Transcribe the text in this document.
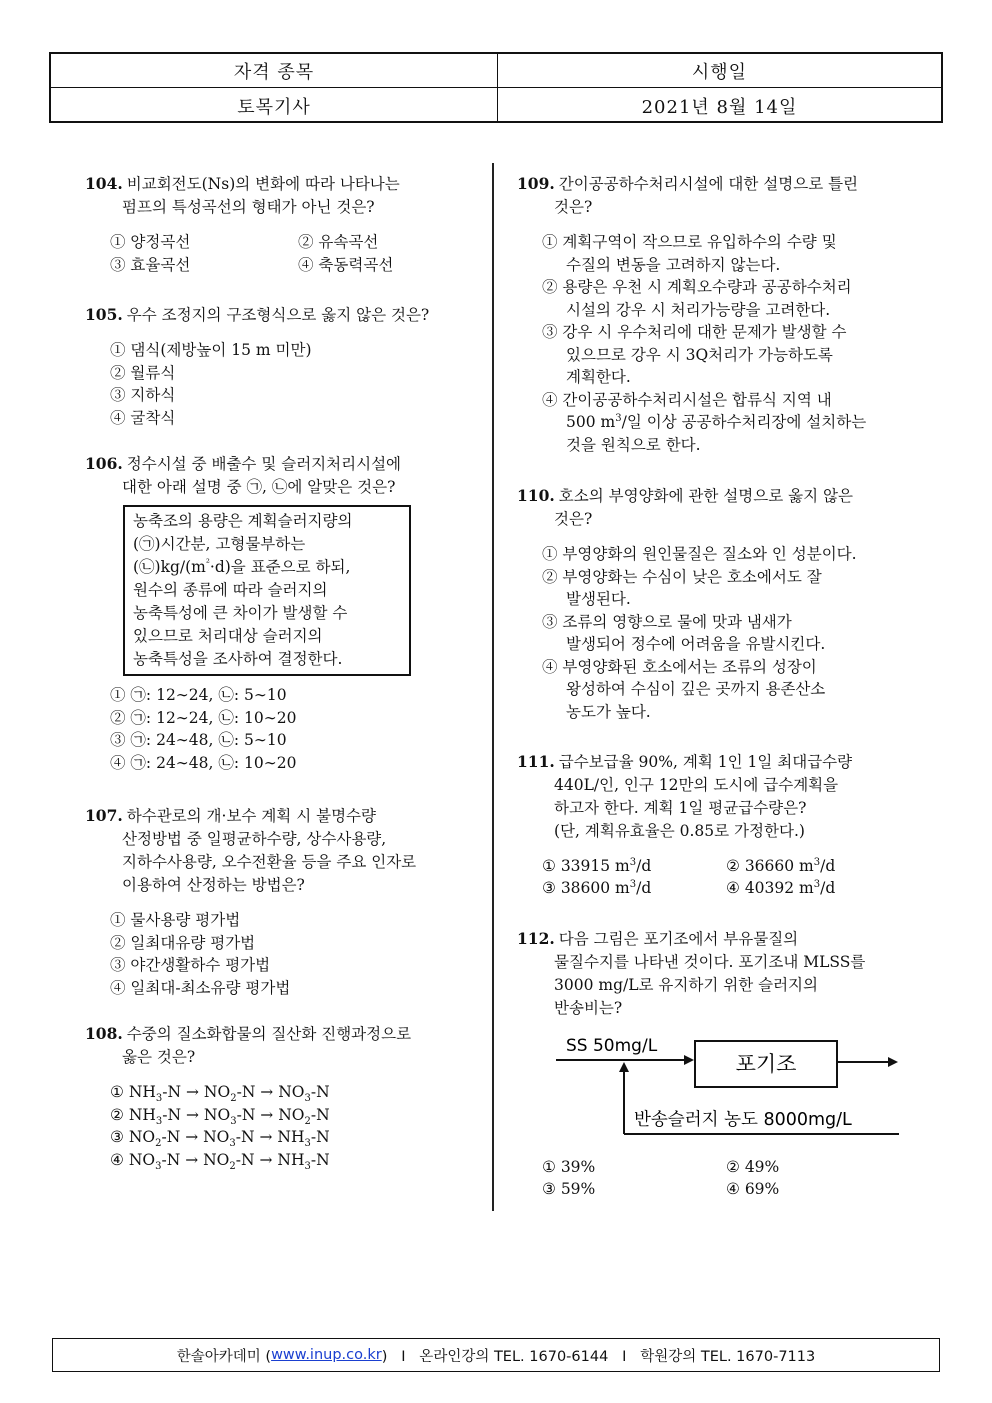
자격 종목	시행일
토목기사	2021년 8월 14일
104. 비교회전도(Ns)의 변화에 따라 나타나는
펌프의 특성곡선의 형태가 아닌 것은?
① 양정곡선	② 유속곡선
③ 효율곡선	④ 축동력곡선
105. 우수 조정지의 구조형식으로 옳지 않은 것은?
① 댐식(제방높이 15 m 미만)
② 월류식
③ 지하식
④ 굴착식
106. 정수시설 중 배출수 및 슬러지처리시설에
대한 아래 설명 중 ㉠, ㉡에 알맞은 것은?
농축조의 용량은 계획슬러지량의
(㉠)시간분, 고형물부하는
$(㉡)kg/(m^{^2}\cdot d)$을 표준으로 하되,
원수의 종류에 따라 슬러지의
농축특성에 큰 차이가 발생할 수
있으므로 처리대상 슬러지의
농축특성을 조사하여 결정한다.
① ㉠: 12∼24, ㉡: 5∼10
② ㉠: 12∼24, ㉡: 10∼20
③ ㉠: 24∼48, ㉡: 5∼10
④ ㉠: 24∼48, ㉡: 10∼20
107. 하수관로의 개·보수 계획 시 불명수량
산정방법 중 일평균하수량, 상수사용량,
지하수사용량, 오수전환율 등을 주요 인자로
이용하여 산정하는 방법은?
① 물사용량 평가법
② 일최대유량 평가법
③ 야간생활하수 평가법
④ 일최대-최소유량 평가법
108. 수중의 질소화합물의 질산화 진행과정으로
옳은 것은?
① $NH_3-N \to NO_2-N \to NO_3-N$
② $NH_3-N \to NO_3-N \to NO_2-N$
③ $NO_2-N \to NO_3-N \to NH_3-N$
④ $NO_3-N \to NO_2-N \to NH_3-N$
109. 간이공공하수처리시설에 대한 설명으로 틀린
것은?
① 계획구역이 작으므로 유입하수의 수량 및
수질의 변동을 고려하지 않는다.
② 용량은 우천 시 계획오수량과 공공하수처리
시설의 강우 시 처리가능량을 고려한다.
③ 강우 시 우수처리에 대한 문제가 발생할 수
있으므로 강우 시 3Q처리가 가능하도록
계획한다.
④ 간이공공하수처리시설은 합류식 지역 내
500 $m^3/$일 이상 공공하수처리장에 설치하는
것을 원칙으로 한다.
110. 호소의 부영양화에 관한 설명으로 옳지 않은
것은?
① 부영양화의 원인물질은 질소와 인 성분이다.
② 부영양화는 수심이 낮은 호소에서도 잘
발생된다.
③ 조류의 영향으로 물에 맛과 냄새가
발생되어 정수에 어려움을 유발시킨다.
④ 부영양화된 호소에서는 조류의 성장이
왕성하여 수심이 깊은 곳까지 용존산소
농도가 높다.
111. 급수보급율 90%, 계획 1인 1일 최대급수량
440L/인, 인구 12만의 도시에 급수계획을
하고자 한다. 계획 1일 평균급수량은?
(단, 계획유효율은 0.85로 가정한다.)
① 33915 $m^3/d$	② 36660 $m^3/d$
③ 38600 $m^3/d$	④ 40392 $m^3/d$
112. 다음 그림은 포기조에서 부유물질의
물질수지를 나타낸 것이다. 포기조내 MLSS를
3000 mg/L로 유지하기 위한 슬러지의
반송비는?
SS 50mg/L
포기조
반송슬러지 농도 8000mg/L
① 39%	② 49%
③ 59%	④ 69%
한솔아카데미 ( www.inup.co.kr )   I   온라인강의 TEL. 1670-6144   I   학원강의 TEL. 1670-7113
